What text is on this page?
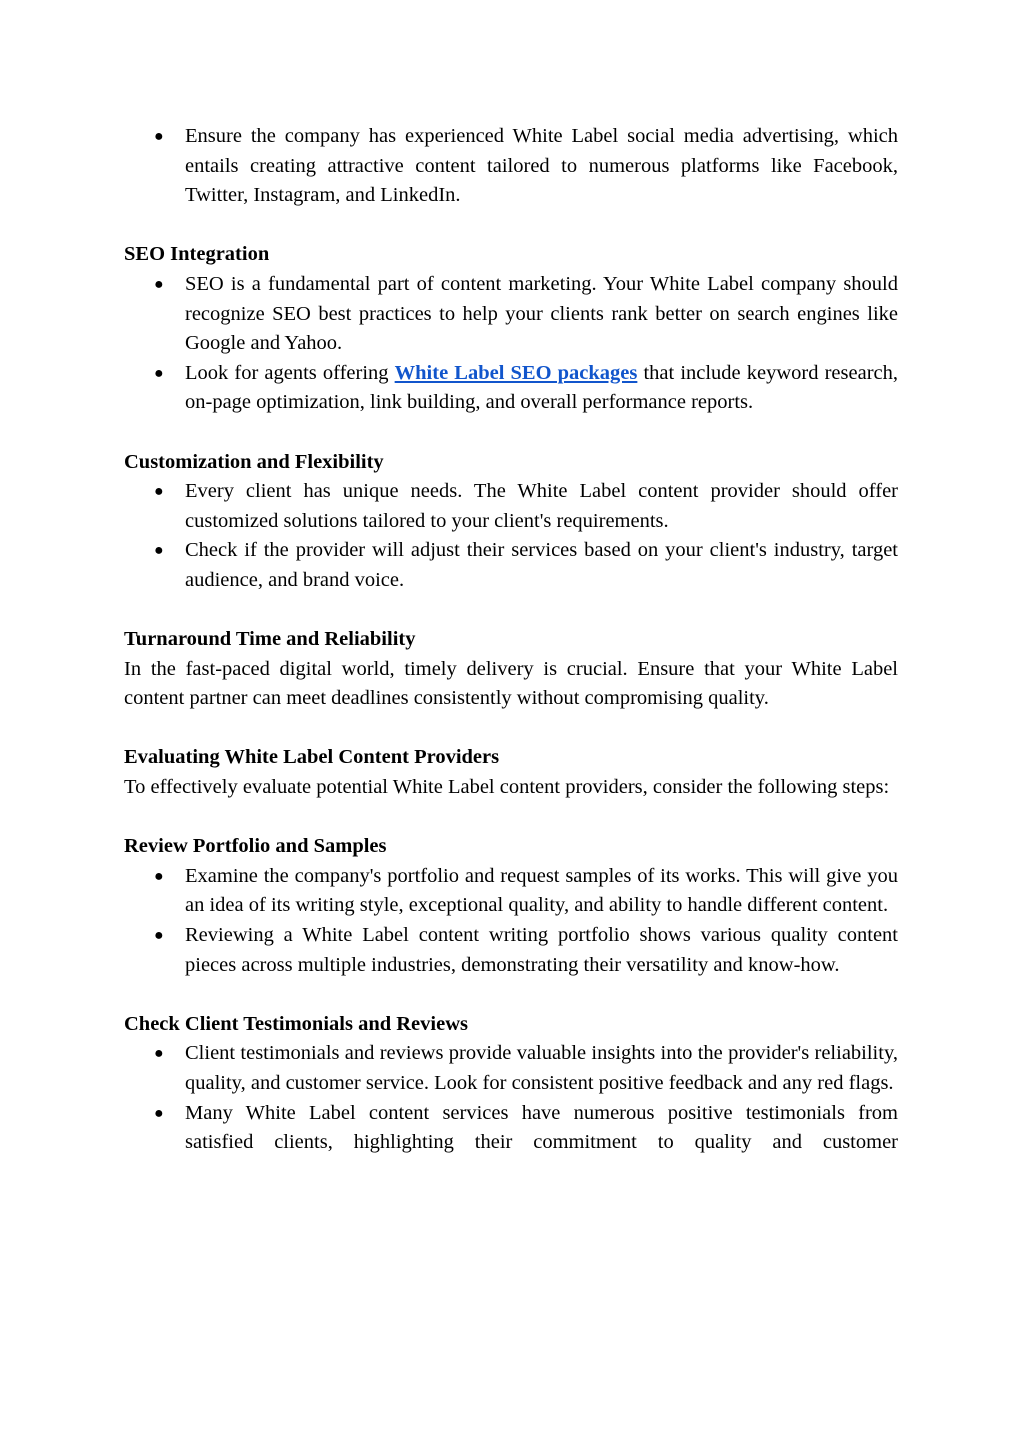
● Ensure the company has experienced White Label social media advertising, which entails creating attractive content tailored to numerous platforms like Facebook, Twitter, Instagram, and LinkedIn.

SEO Integration

● SEO is a fundamental part of content marketing. Your White Label company should recognize SEO best practices to help your clients rank better on search engines like Google and Yahoo.
● Look for agents offering White Label SEO packages that include keyword research, on-page optimization, link building, and overall performance reports.

Customization and Flexibility

● Every client has unique needs. The White Label content provider should offer customized solutions tailored to your client's requirements.
● Check if the provider will adjust their services based on your client's industry, target audience, and brand voice.

Turnaround Time and Reliability

In the fast-paced digital world, timely delivery is crucial. Ensure that your White Label content partner can meet deadlines consistently without compromising quality.

Evaluating White Label Content Providers

To effectively evaluate potential White Label content providers, consider the following steps:

Review Portfolio and Samples

● Examine the company's portfolio and request samples of its works. This will give you an idea of its writing style, exceptional quality, and ability to handle different content.
● Reviewing a White Label content writing portfolio shows various quality content pieces across multiple industries, demonstrating their versatility and know-how.

Check Client Testimonials and Reviews

● Client testimonials and reviews provide valuable insights into the provider's reliability, quality, and customer service. Look for consistent positive feedback and any red flags.
● Many White Label content services have numerous positive testimonials from satisfied clients, highlighting their commitment to quality and customer
